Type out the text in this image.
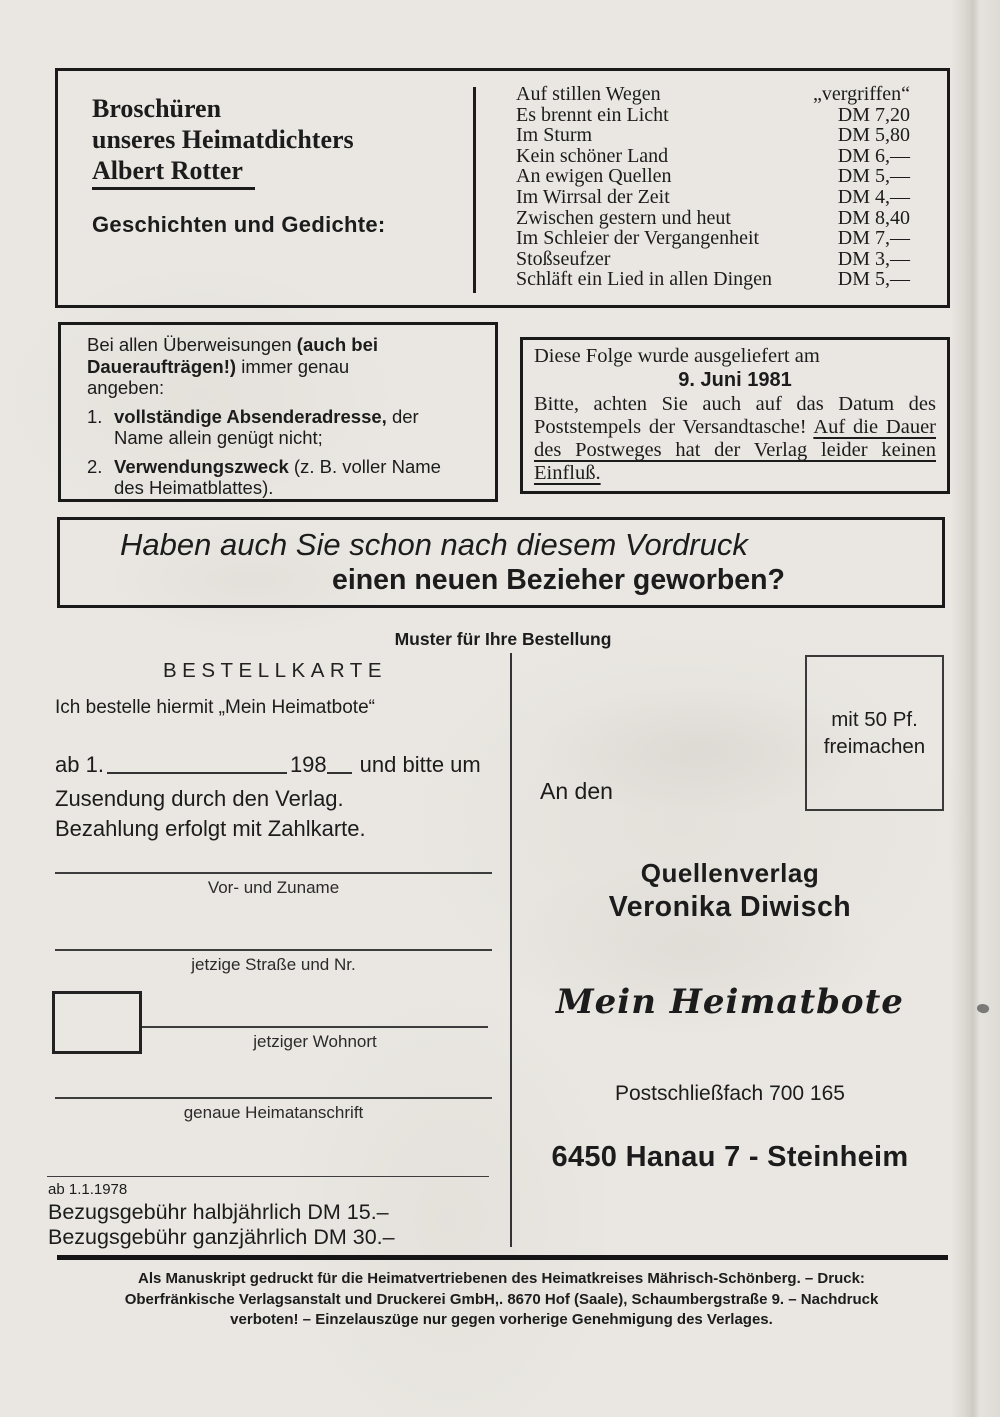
Broschüren
unseres Heimatdichters
Albert Rotter
Geschichten und Gedichte:
Auf stillen Wegen	„vergriffen“
Es brennt ein Licht	DM 7,20
Im Sturm	DM 5,80
Kein schöner Land	DM 6,—
An ewigen Quellen	DM 5,—
Im Wirrsal der Zeit	DM 4,—
Zwischen gestern und heut	DM 8,40
Im Schleier der Vergangenheit	DM 7,—
Stoßseufzer	DM 3,—
Schläft ein Lied in allen Dingen	DM 5,—
Bei allen Überweisungen (auch bei
Daueraufträgen!) immer genau
angeben:
1. vollständige Absenderadresse, der
Name allein genügt nicht;
2. Verwendungszweck (z. B. voller Name
des Heimatblattes).
Diese Folge wurde ausgeliefert am
9. Juni 1981
Bitte, achten Sie auch auf das Datum des Poststempels der Versandtasche! Auf die Dauer des Postweges hat der Verlag leider keinen Einfluß.
Haben auch Sie schon nach diesem Vordruck
einen neuen Bezieher geworben?
Muster für Ihre Bestellung
BESTELLKARTE
Ich bestelle hiermit „Mein Heimatbote“
ab 1.	198 und bitte um
Zusendung durch den Verlag.
Bezahlung erfolgt mit Zahlkarte.
Vor- und Zuname
jetzige Straße und Nr.
jetziger Wohnort
genaue Heimatanschrift
ab 1.1.1978
Bezugsgebühr halbjährlich DM 15.–
Bezugsgebühr ganzjährlich DM 30.–
mit 50 Pf.
freimachen
An den
Quellenverlag
Veronika Diwisch
Mein Heimatbote
Postschließfach 700 165
6450 Hanau 7 - Steinheim
Als Manuskript gedruckt für die Heimatvertriebenen des Heimatkreises Mährisch-Schönberg. – Druck:
Oberfränkische Verlagsanstalt und Druckerei GmbH,. 8670 Hof (Saale), Schaumbergstraße 9. – Nachdruck
verboten! – Einzelauszüge nur gegen vorherige Genehmigung des Verlages.
